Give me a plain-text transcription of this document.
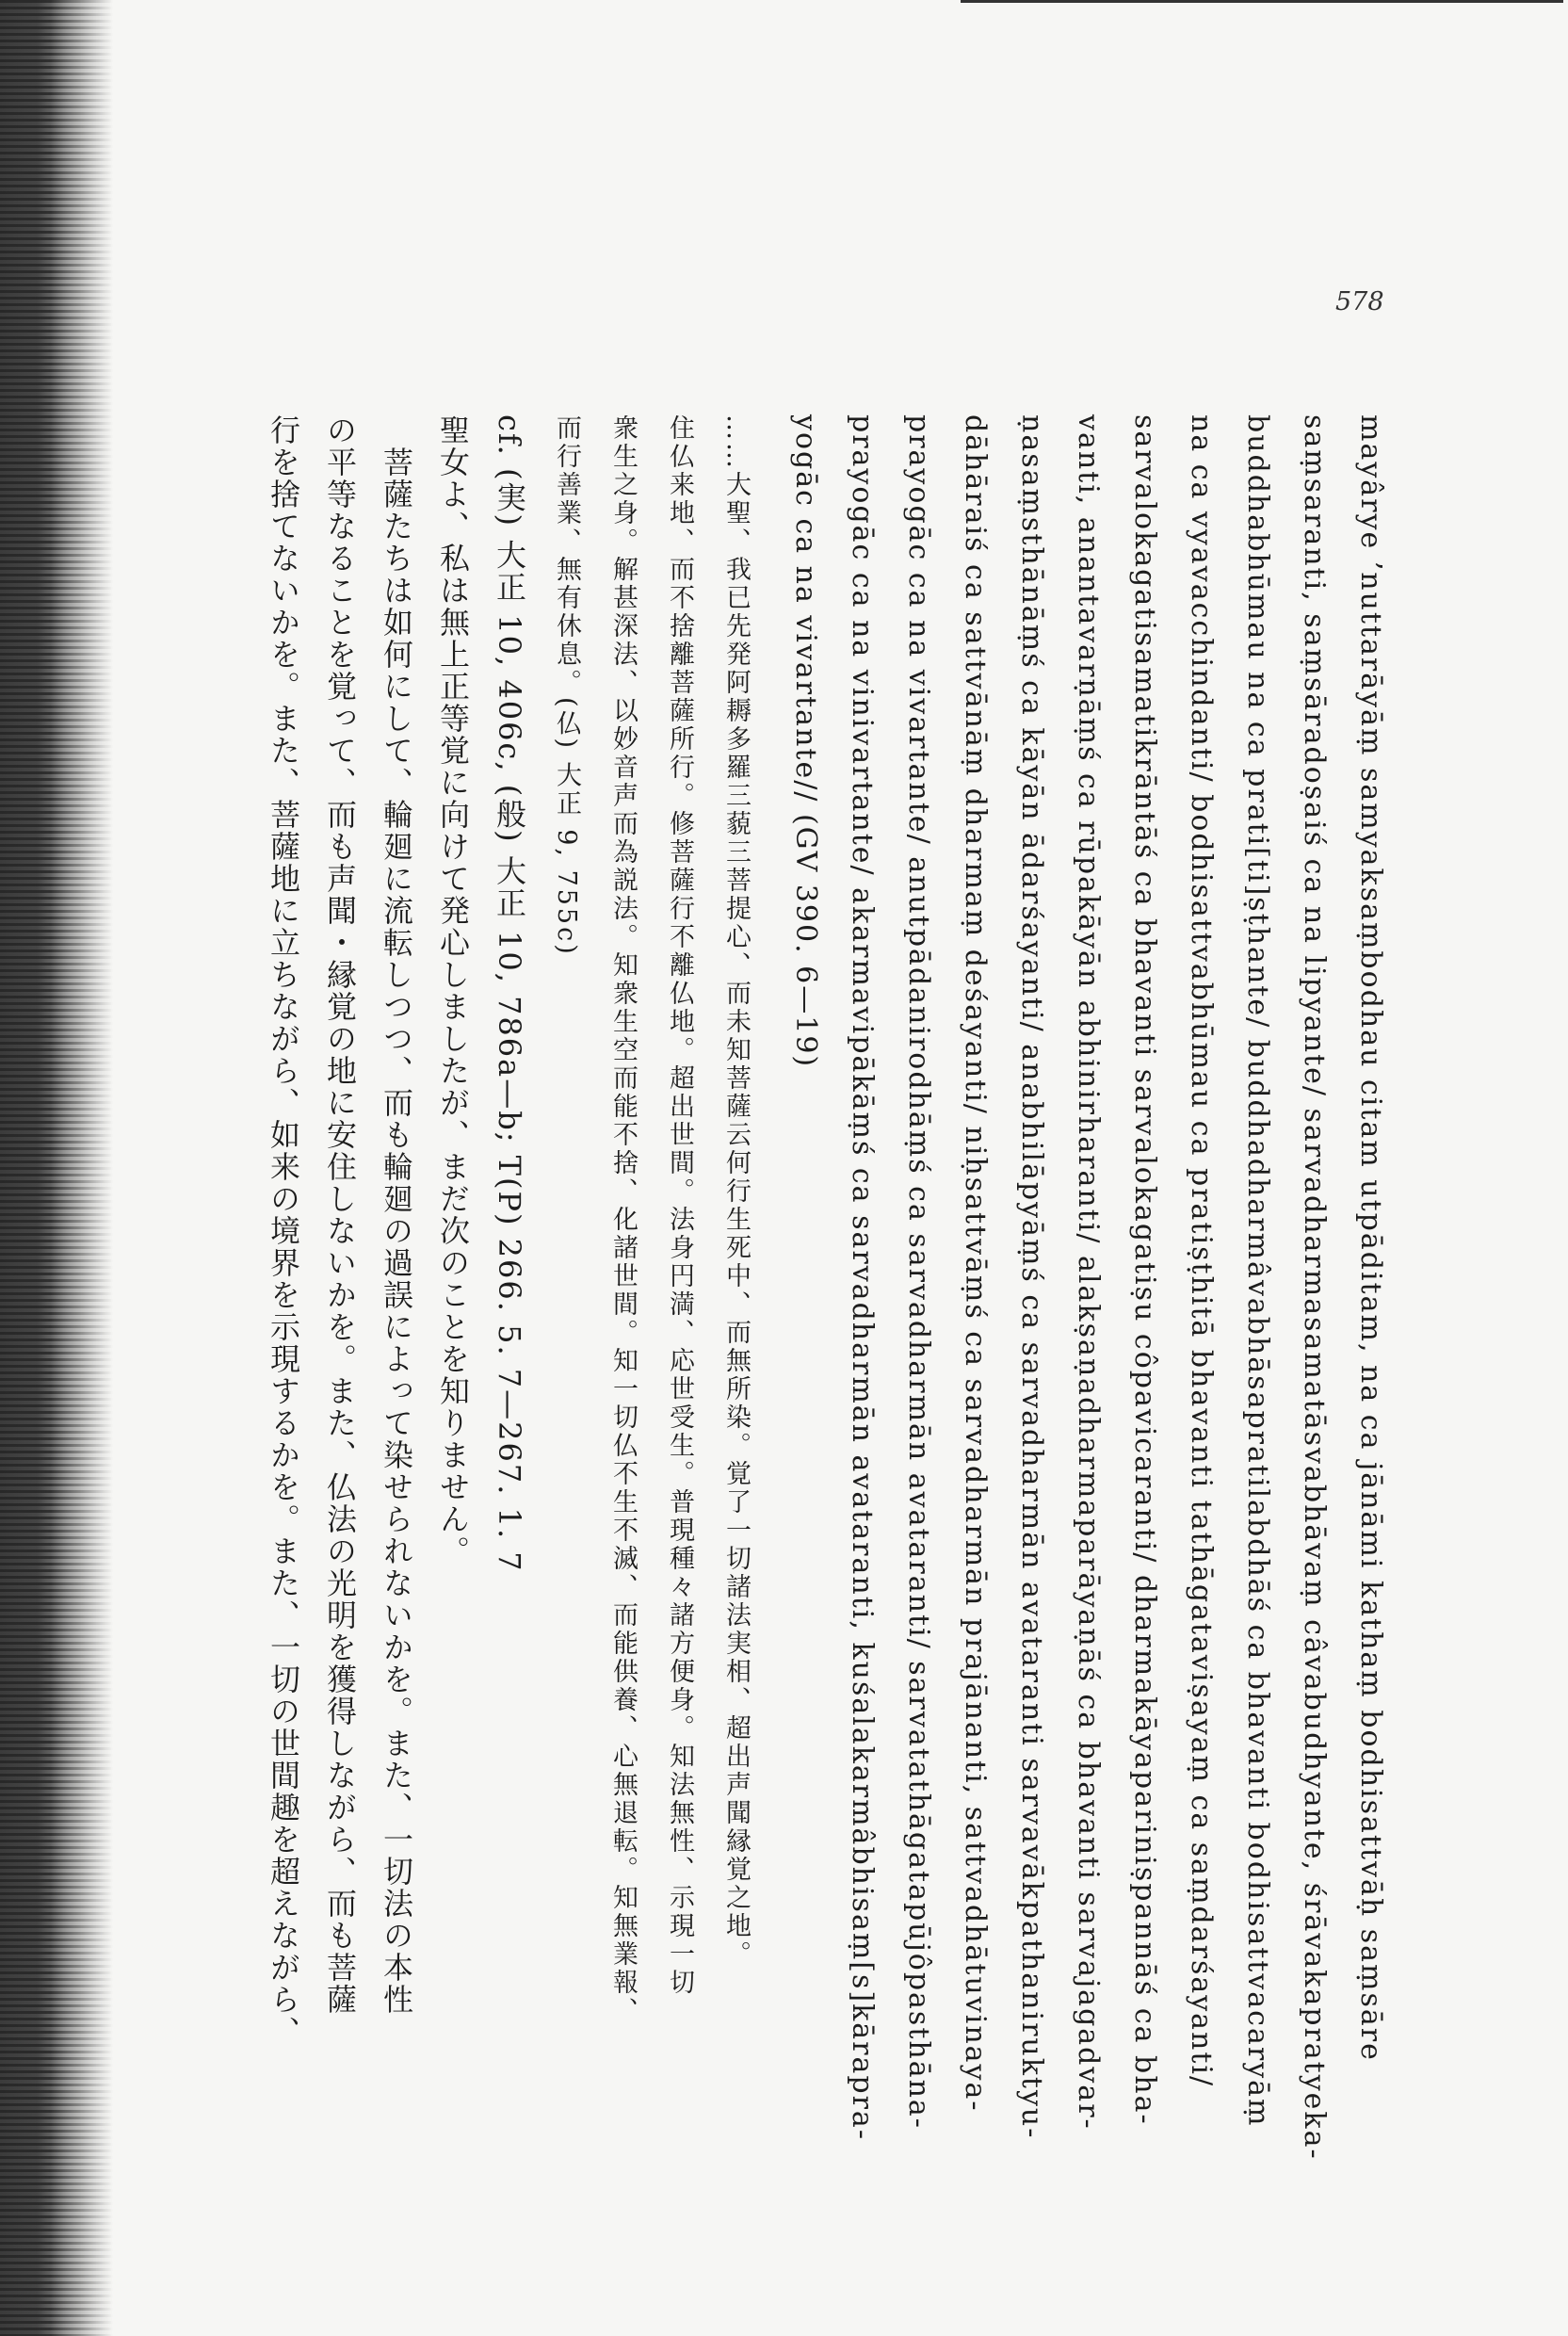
578
mayârye ’nuttarāyāṃ samyaksaṃbodhau citam utpāditam, na ca jānāmi kathaṃ bodhisattvāḥ saṃsāre
saṃsaranti, saṃsāradoṣaiś ca na lipyante/ sarvadharmasamatāsvabhāvaṃ câvabudhyante, śrāvakapratyeka-
buddhabhūmau na ca prati[ti]ṣṭhante/ buddhadharmâvabhāsapratilabdhāś ca bhavanti bodhisattvacaryāṃ
na ca vyavacchindanti/ bodhisattvabhūmau ca pratiṣṭhitā bhavanti tathāgataviṣayaṃ ca saṃdarśayanti/
sarvalokagatisamatikrāntāś ca bhavanti sarvalokagatiṣu côpavicaranti/ dharmakāyapariniṣpannāś ca bha-
vanti, anantavarṇāṃś ca rūpakāyān abhinirharanti/ alakṣaṇadharmaparāyaṇāś ca bhavanti sarvajagadvar-
ṇasaṃsthānāṃś ca kāyān ādarśayanti/ anabhilāpyāṃś ca sarvadharmān avataranti sarvavākpathaniruktyu-
dāhāraiś ca sattvānāṃ dharmaṃ deśayanti/ niḥsattvāṃś ca sarvadharmān prajānanti, sattvadhātuvinaya-
prayogāc ca na vivartante/ anutpādanirodhāṃś ca sarvadharmān avataranti/ sarvatathāgatapūjôpasthāna-
prayogāc ca na vinivartante/ akarmavipākāṃś ca sarvadharmān avataranti, kuśalakarmâbhisaṃ[s]kārapra-
yogāc ca na vivartante// (GV 390. 6—19)
……大聖、我已先発阿耨多羅三藐三菩提心、而未知菩薩云何行生死中、而無所染。覚了一切諸法実相、超出声聞縁覚之地。
住仏来地、而不捨離菩薩所行。修菩薩行不離仏地。超出世間。法身円満、応世受生。普現種々諸方便身。知法無性、示現一切
衆生之身。解甚深法、以妙音声而為説法。知衆生空而能不捨、化諸世間。知一切仏不生不滅、而能供養、心無退転。知無業報、
而行善業、無有休息。(仏) 大正 9, 755c)
cf. (実) 大正 10, 406c, (般) 大正 10, 786a—b; T(P) 266. 5. 7—267. 1. 7
聖女よ、私は無上正等覚に向けて発心しましたが、まだ次のことを知りません。
　菩薩たちは如何にして、輪廻に流転しつつ、而も輪廻の過誤によって染せられないかを。また、一切法の本性
の平等なることを覚って、而も声聞・縁覚の地に安住しないかを。また、仏法の光明を獲得しながら、而も菩薩
行を捨てないかを。また、菩薩地に立ちながら、如来の境界を示現するかを。また、一切の世間趣を超えながら、
